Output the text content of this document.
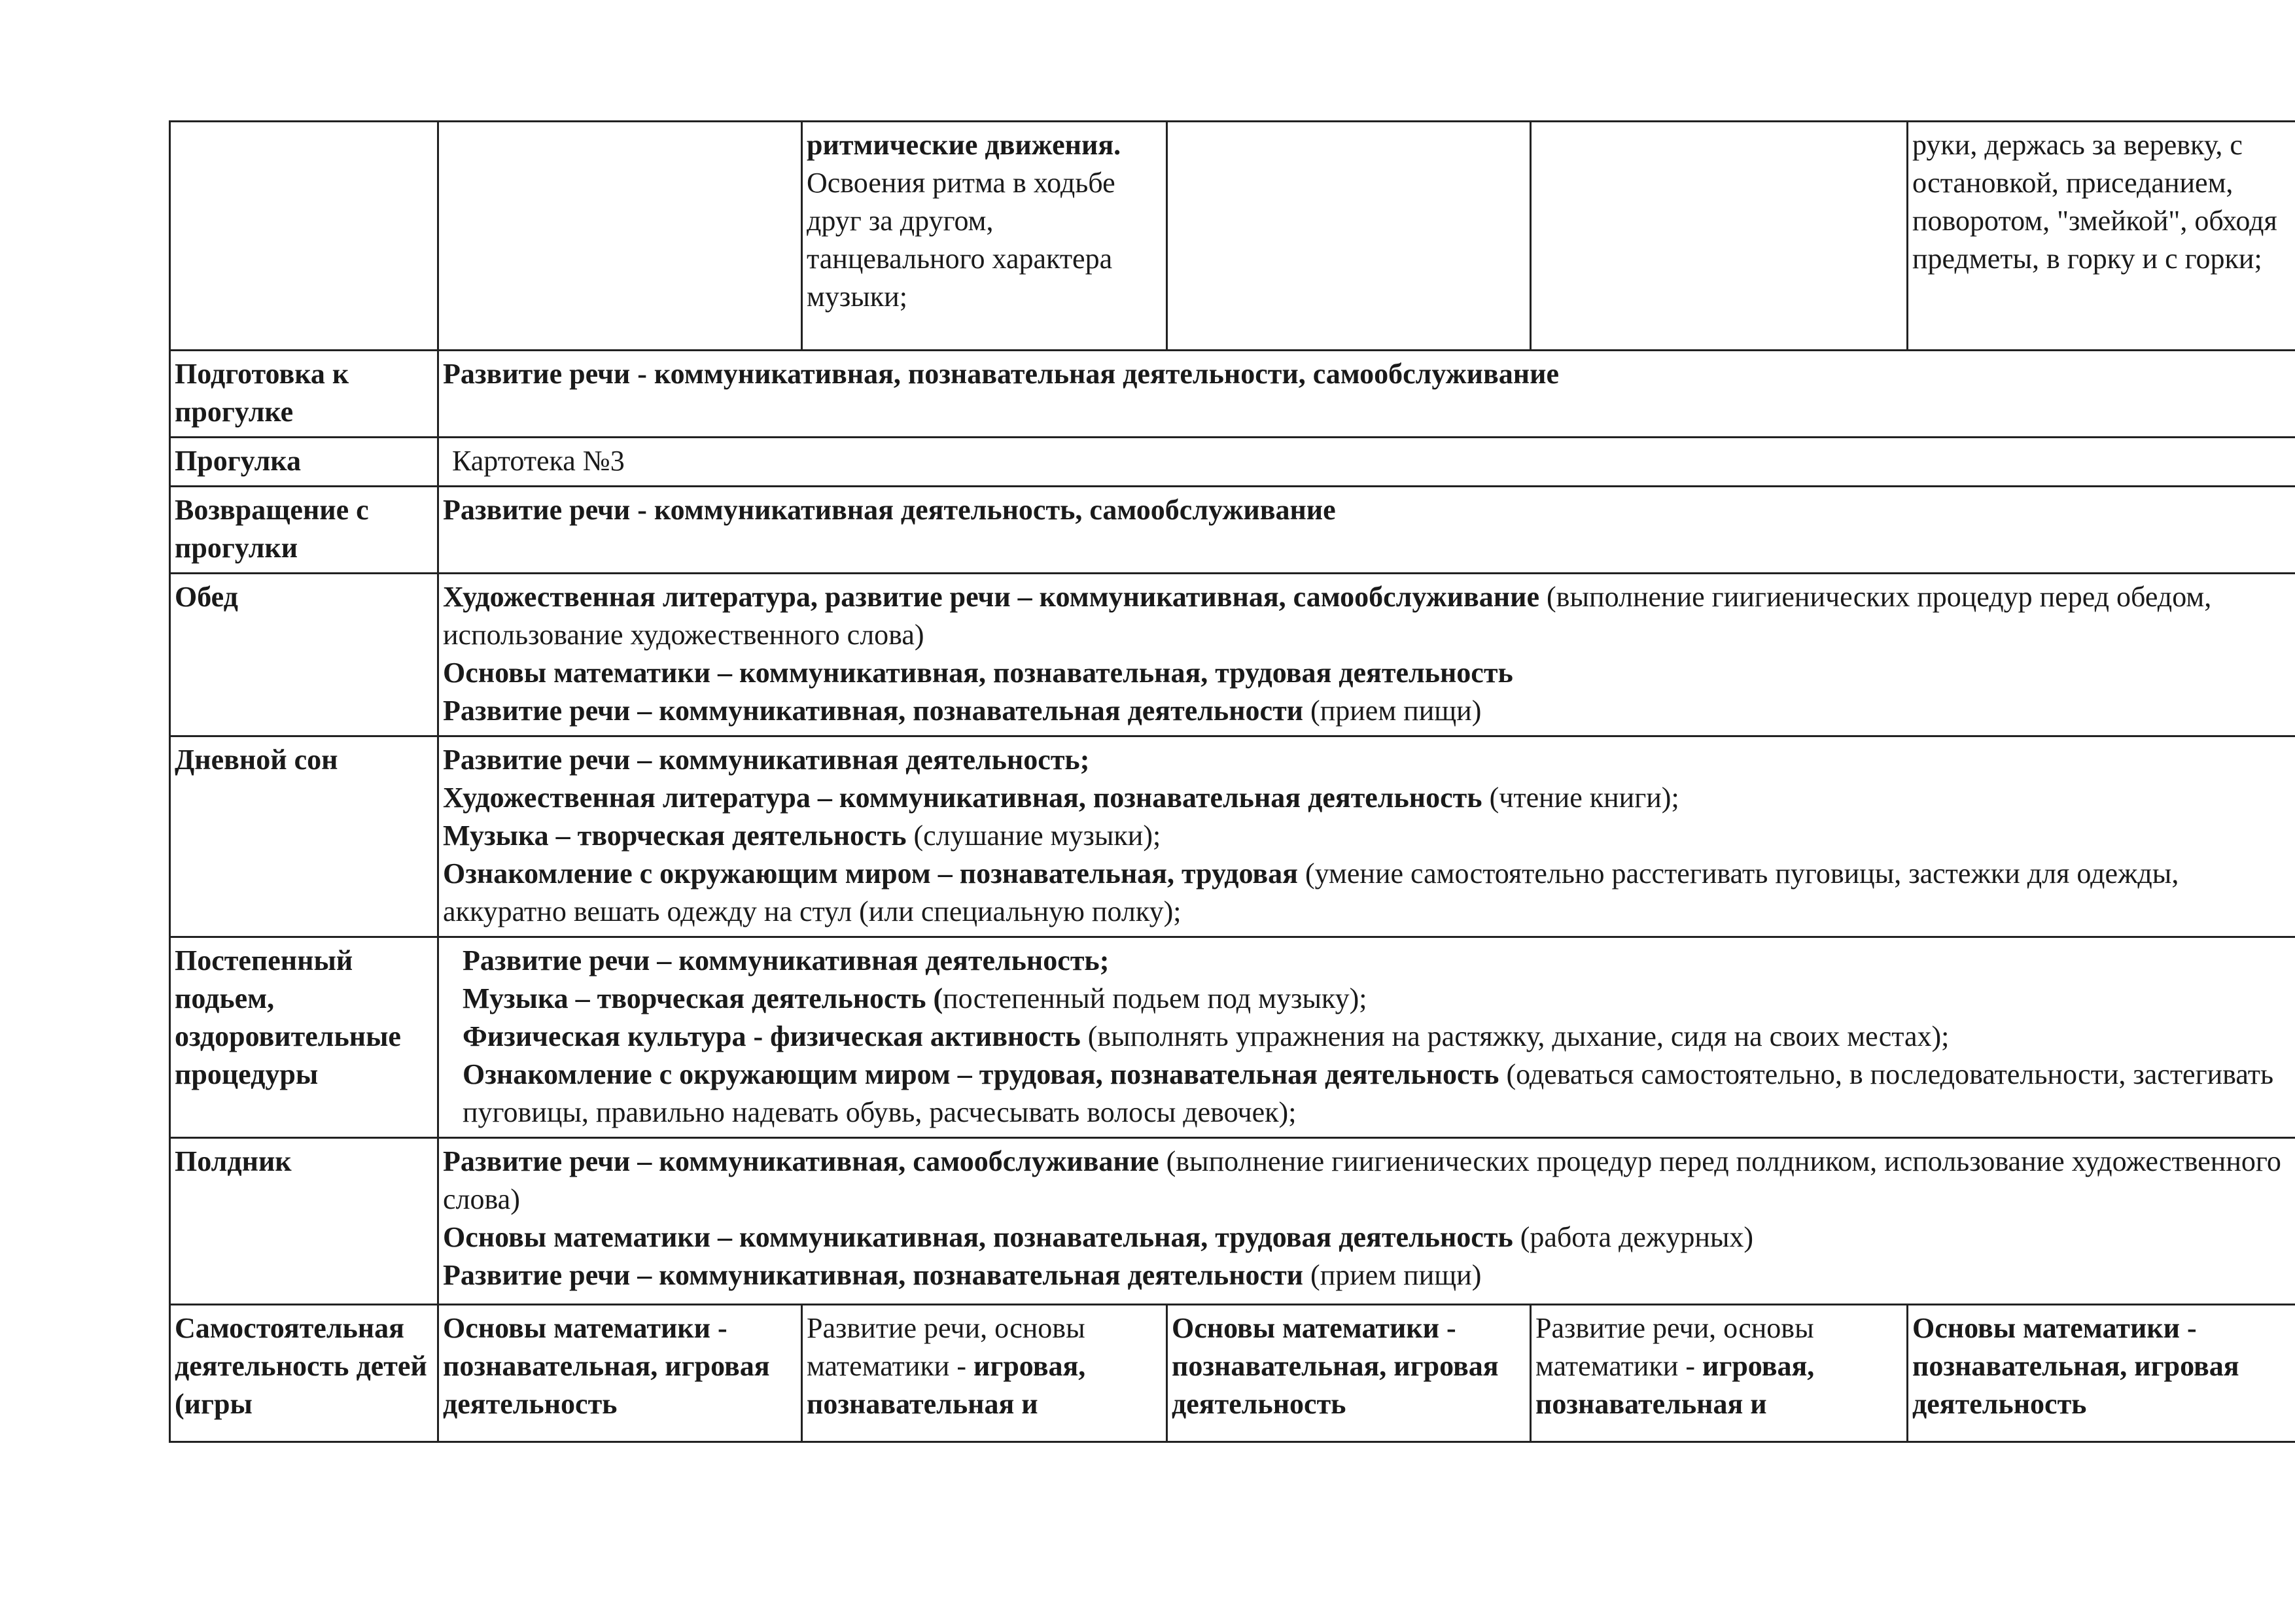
		ритмические движения. Освоения ритма в ходьбе друг за другом, танцевального характера музыки;			руки, держась за веревку, с остановкой, приседанием, поворотом, "змейкой", обходя предметы, в горку и с горки;
Подготовка к прогулке	Развитие речи - коммуникативная, познавательная деятельности, самообслуживание				
Прогулка	Картотека №3				
Возвращение с прогулки	Развитие речи - коммуникативная деятельность, самообслуживание				
Обед	Художественная литература, развитие речи – коммуникативная, самообслуживание (выполнение гиигиенических процедур перед обедом, использование художественного слова)
Основы математики – коммуникативная, познавательная, трудовая деятельность
Развитие речи – коммуникативная, познавательная деятельности (прием пищи)				

Дневной сон	Развитие речи – коммуникативная деятельность;
Художественная литература – коммуникативная, познавательная деятельность (чтение книги);
Музыка – творческая деятельность (слушание музыки);
Ознакомление с окружающим миром – познавательная, трудовая (умение самостоятельно расстегивать пуговицы, застежки для одежды, аккуратно вешать одежду на стул (или специальную полку);				

Постепенный подьем, оздоровительные процедуры	Развитие речи – коммуникативная деятельность;
Музыка – творческая деятельность (постепенный подьем под музыку);
Физическая культура - физическая активность (выполнять упражнения на растяжку, дыхание, сидя на своих местах);
Ознакомление с окружающим миром – трудовая, познавательная деятельность (одеваться самостоятельно, в последовательности, застегивать пуговицы, правильно надевать обувь, расчесывать волосы девочек);				

Полдник	Развитие речи – коммуникативная, самообслуживание (выполнение гиигиенических процедур перед полдником, использование художественного слова)
Основы математики – коммуникативная, познавательная, трудовая деятельность (работа дежурных)
Развитие речи – коммуникативная, познавательная деятельности (прием пищи)				

Самостоятельная деятельность детей (игры	Основы математики - познавательная, игровая деятельность	Развитие речи, основы математики - игровая, познавательная и	Основы математики - познавательная, игровая деятельность	Развитие речи, основы математики - игровая, познавательная и	Основы математики - познавательная, игровая деятельность
